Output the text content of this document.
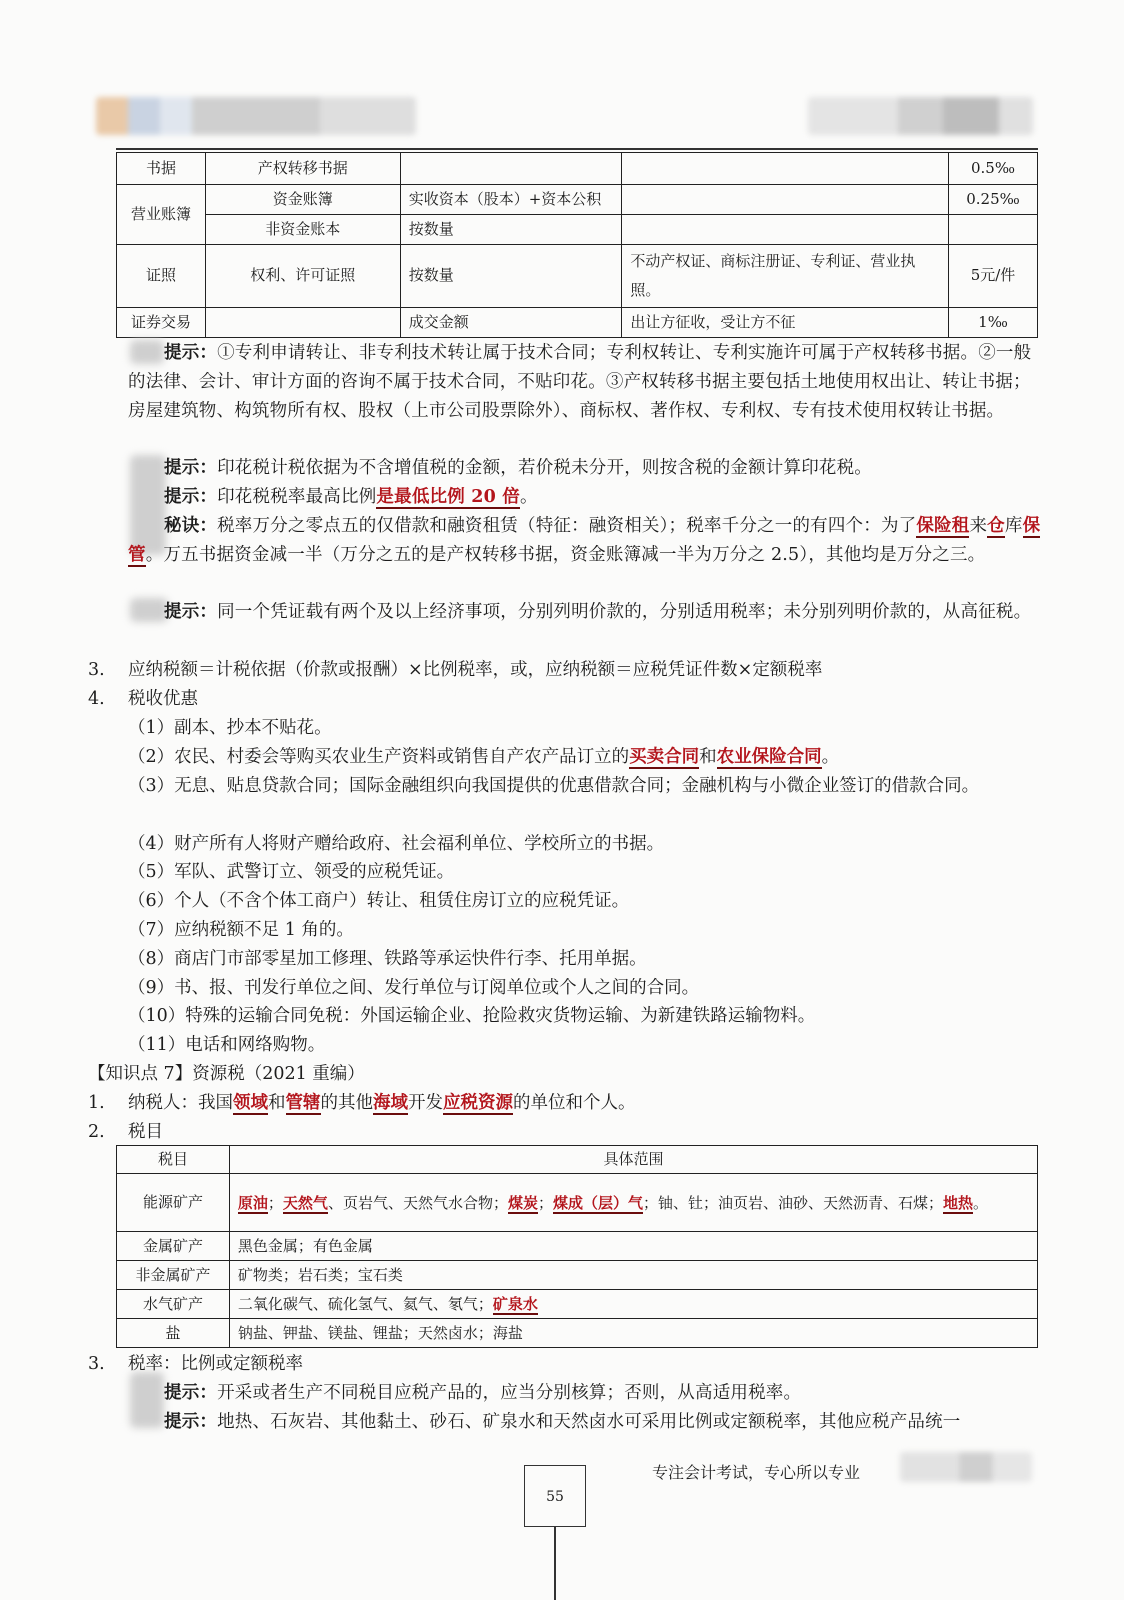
书据	产权转移书据			0.5‰
营业账簿	资金账簿	实收资本（股本）+资本公积		0.25‰
	非资金账本	按数量		
证照	权利、许可证照	按数量	不动产权证、商标注册证、专利证、营业执照。	5元/件
证券交易		成交金额	出让方征收，受让方不征	1‰
提示：①专利申请转让、非专利技术转让属于技术合同；专利权转让、专利实施许可属于产权转移书据。②一般的法律、会计、审计方面的咨询不属于技术合同，不贴印花。③产权转移书据主要包括土地使用权出让、转让书据；房屋建筑物、构筑物所有权、股权（上市公司股票除外）、商标权、著作权、专利权、专有技术使用权转让书据。
提示：印花税计税依据为不含增值税的金额，若价税未分开，则按含税的金额计算印花税。
提示：印花税税率最高比例是最低比例 20 倍。
秘诀：税率万分之零点五的仅借款和融资租赁（特征：融资相关）；税率千分之一的有四个：为了保险租来仓库保管。万五书据资金减一半（万分之五的是产权转移书据，资金账簿减一半为万分之 2.5），其他均是万分之三。
提示：同一个凭证载有两个及以上经济事项，分别列明价款的，分别适用税率；未分别列明价款的，从高征税。
3. 应纳税额＝计税依据（价款或报酬）×比例税率，或，应纳税额＝应税凭证件数×定额税率
4. 税收优惠
（1）副本、抄本不贴花。
（2）农民、村委会等购买农业生产资料或销售自产农产品订立的买卖合同和农业保险合同。
（3）无息、贴息贷款合同；国际金融组织向我国提供的优惠借款合同；金融机构与小微企业签订的借款合同。
（4）财产所有人将财产赠给政府、社会福利单位、学校所立的书据。
（5）军队、武警订立、领受的应税凭证。
（6）个人（不含个体工商户）转让、租赁住房订立的应税凭证。
（7）应纳税额不足 1 角的。
（8）商店门市部零星加工修理、铁路等承运快件行李、托用单据。
（9）书、报、刊发行单位之间、发行单位与订阅单位或个人之间的合同。
（10）特殊的运输合同免税：外国运输企业、抢险救灾货物运输、为新建铁路运输物料。
（11）电话和网络购物。
【知识点 7】资源税（2021 重编）
1. 纳税人：我国领域和管辖的其他海域开发应税资源的单位和个人。
2. 税目
税目	具体范围
能源矿产	原油；天然气、页岩气、天然气水合物；煤炭；煤成（层）气；铀、钍；油页岩、油砂、天然沥青、石煤；地热。
金属矿产	黑色金属；有色金属
非金属矿产	矿物类；岩石类；宝石类
水气矿产	二氧化碳气、硫化氢气、氦气、氡气；矿泉水
盐	钠盐、钾盐、镁盐、锂盐；天然卤水；海盐
3. 税率：比例或定额税率
提示：开采或者生产不同税目应税产品的，应当分别核算；否则，从高适用税率。
提示：地热、石灰岩、其他黏土、砂石、矿泉水和天然卤水可采用比例或定额税率，其他应税产品统一
55
专注会计考试，专心所以专业
